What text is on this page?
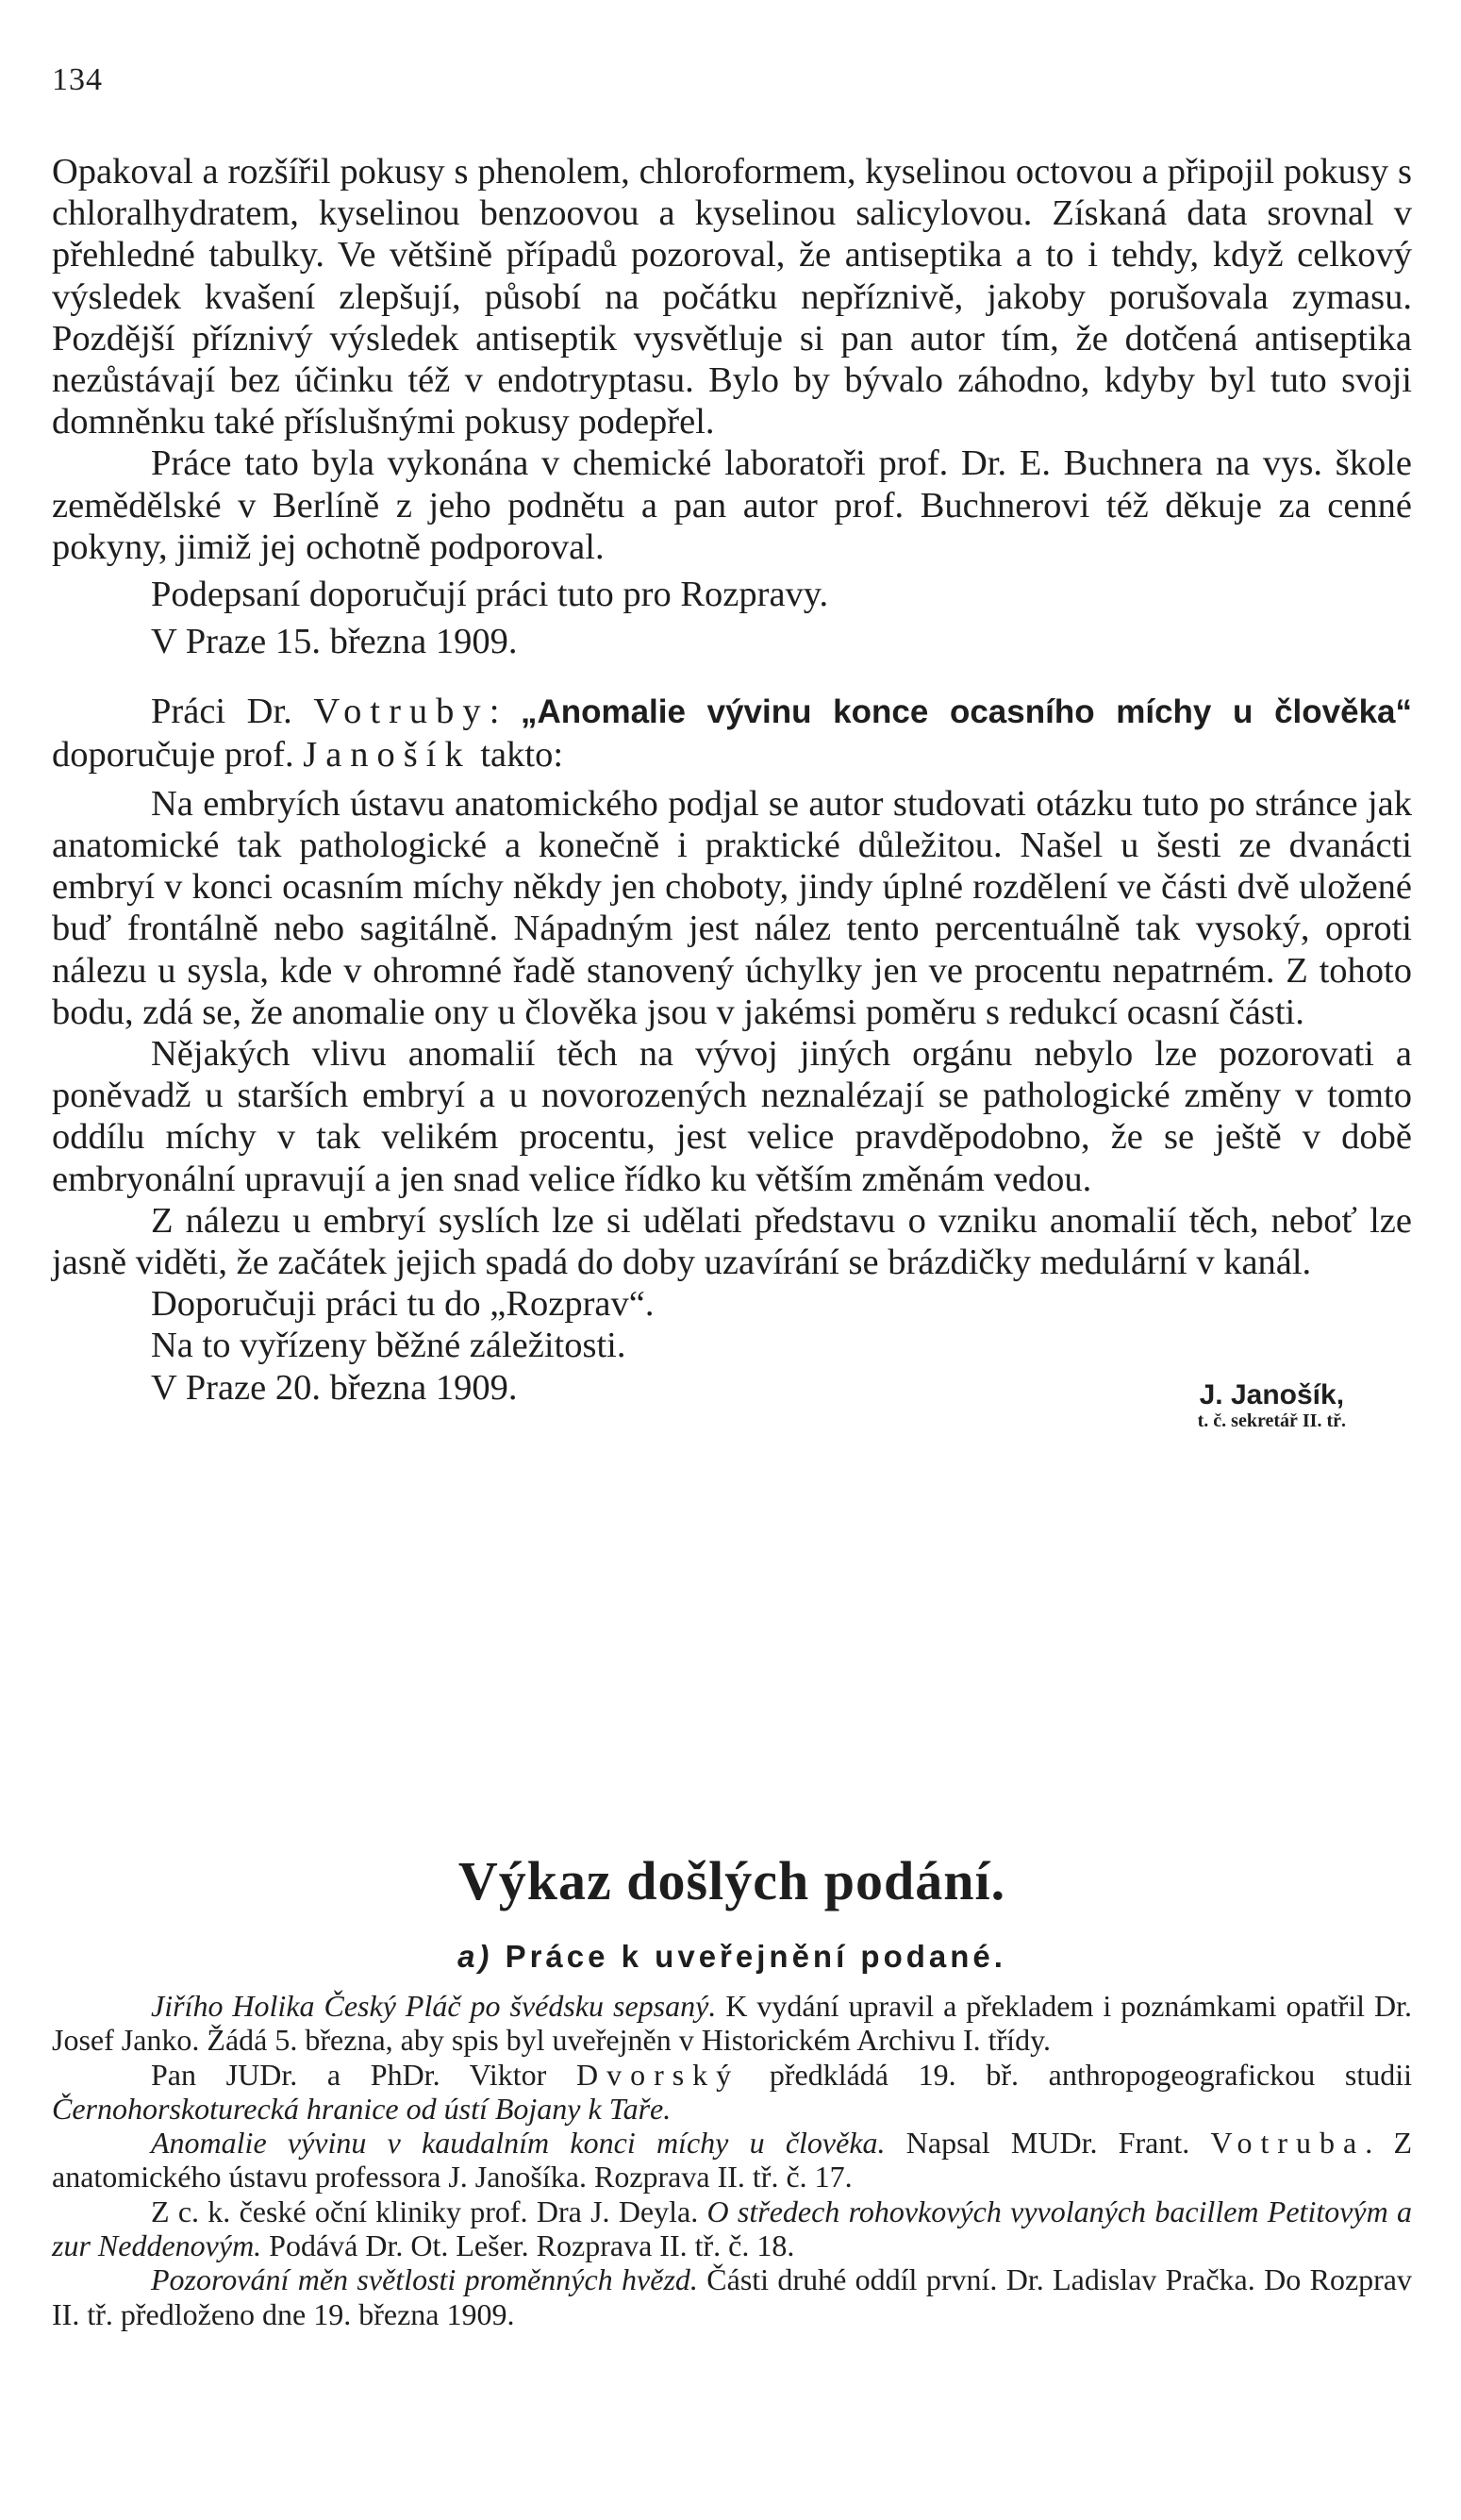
134

Opakoval a rozšířil pokusy s phenolem, chloroformem, kyselinou octovou a připojil pokusy s chloralhydratem, kyselinou benzoovou a kyselinou salicylovou. Získaná data srovnal v přehledné tabulky. Ve většině případů pozoroval, že antiseptika a to i tehdy, když celkový výsledek kvašení zlepšují, působí na počátku nepříznivě, jakoby porušovala zymasu. Pozdější příznivý výsledek antiseptik vysvětluje si pan autor tím, že dotčená antiseptika nezůstávají bez účinku též v endotryptasu. Bylo by bývalo záhodno, kdyby byl tuto svoji domněnku také příslušnými pokusy podepřel.

Práce tato byla vykonána v chemické laboratoři prof. Dr. E. Buchnera na vys. škole zemědělské v Berlíně z jeho podnětu a pan autor prof. Buchnerovi též děkuje za cenné pokyny, jimiž jej ochotně podporoval.

Podepsaní doporučují práci tuto pro Rozpravy.

V Praze 15. března 1909.

Práci Dr. Votruby: „Anomalie vývinu konce ocasního míchy u člověka“ doporučuje prof. Janošík takto:

Na embryích ústavu anatomického podjal se autor studovati otázku tuto po stránce jak anatomické tak pathologické a konečně i praktické důležitou. Našel u šesti ze dvanácti embryí v konci ocasním míchy někdy jen choboty, jindy úplné rozdělení ve části dvě uložené buď frontálně nebo sagitálně. Nápadným jest nález tento percentuálně tak vysoký, oproti nálezu u sysla, kde v ohromné řadě stanovený úchylky jen ve procentu nepatrném. Z tohoto bodu, zdá se, že anomalie ony u člověka jsou v jakémsi poměru s redukcí ocasní části.

Nějakých vlivu anomalií těch na vývoj jiných orgánu nebylo lze pozorovati a poněvadž u starších embryí a u novorozených neznalézají se pathologické změny v tomto oddílu míchy v tak velikém procentu, jest velice pravděpodobno, že se ještě v době embryonální upravují a jen snad velice řídko ku větším změnám vedou.

Z nálezu u embryí syslích lze si udělati představu o vzniku anomalií těch, neboť lze jasně viděti, že začátek jejich spadá do doby uzavírání se brázdičky medulární v kanál.

Doporučuji práci tu do „Rozprav“.

Na to vyřízeny běžné záležitosti.

V Praze 20. března 1909.	J. Janošík,
t. č. sekretář II. tř.
Výkaz došlých podání.
a) Práce k uveřejnění podané.

Jiřího Holika Český Pláč po švédsku sepsaný. K vydání upravil a překladem i poznámkami opatřil Dr. Josef Janko. Žádá 5. března, aby spis byl uveřejněn v Historickém Archivu I. třídy.

Pan JUDr. a PhDr. Viktor Dvorský předkládá 19. bř. anthropogeografickou studii Černohorskoturecká hranice od ústí Bojany k Taře.

Anomalie vývinu v kaudalním konci míchy u člověka. Napsal MUDr. Frant. Votruba. Z anatomického ústavu professora J. Janošíka. Rozprava II. tř. č. 17.

Z c. k. české oční kliniky prof. Dra J. Deyla. O středech rohovkových vyvolaných bacillem Petitovým a zur Neddenovým. Podává Dr. Ot. Lešer. Rozprava II. tř. č. 18.

Pozorování měn světlosti proměnných hvězd. Části druhé oddíl první. Dr. Ladislav Pračka. Do Rozprav II. tř. předloženo dne 19. března 1909.
